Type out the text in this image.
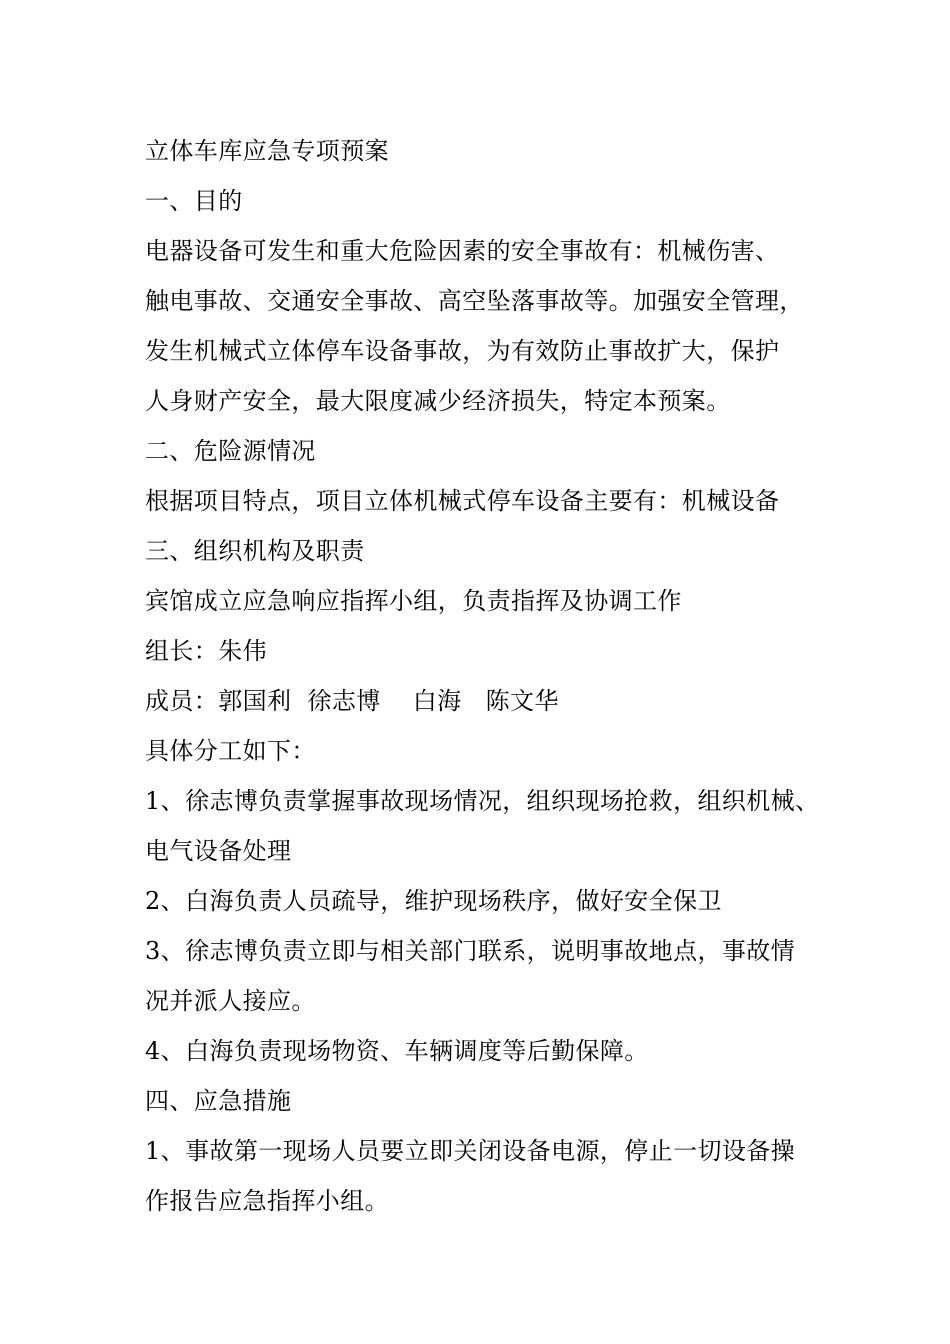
立体车库应急专项预案

一、目的

电器设备可发生和重大危险因素的安全事故有：机械伤害、

触电事故、交通安全事故、高空坠落事故等。加强安全管理，

发生机械式立体停车设备事故，为有效防止事故扩大，保护

人身财产安全，最大限度减少经济损失，特定本预案。

二、危险源情况

根据项目特点，项目立体机械式停车设备主要有：机械设备

三、组织机构及职责

宾馆成立应急响应指挥小组，负责指挥及协调工作

组长：朱伟

成员：郭国利  徐志博    白海   陈文华

具体分工如下：

1、徐志博负责掌握事故现场情况，组织现场抢救，组织机械、

电气设备处理

2、白海负责人员疏导，维护现场秩序，做好安全保卫

3、徐志博负责立即与相关部门联系，说明事故地点，事故情

况并派人接应。

4、白海负责现场物资、车辆调度等后勤保障。

四、应急措施

1、事故第一现场人员要立即关闭设备电源，停止一切设备操

作报告应急指挥小组。
